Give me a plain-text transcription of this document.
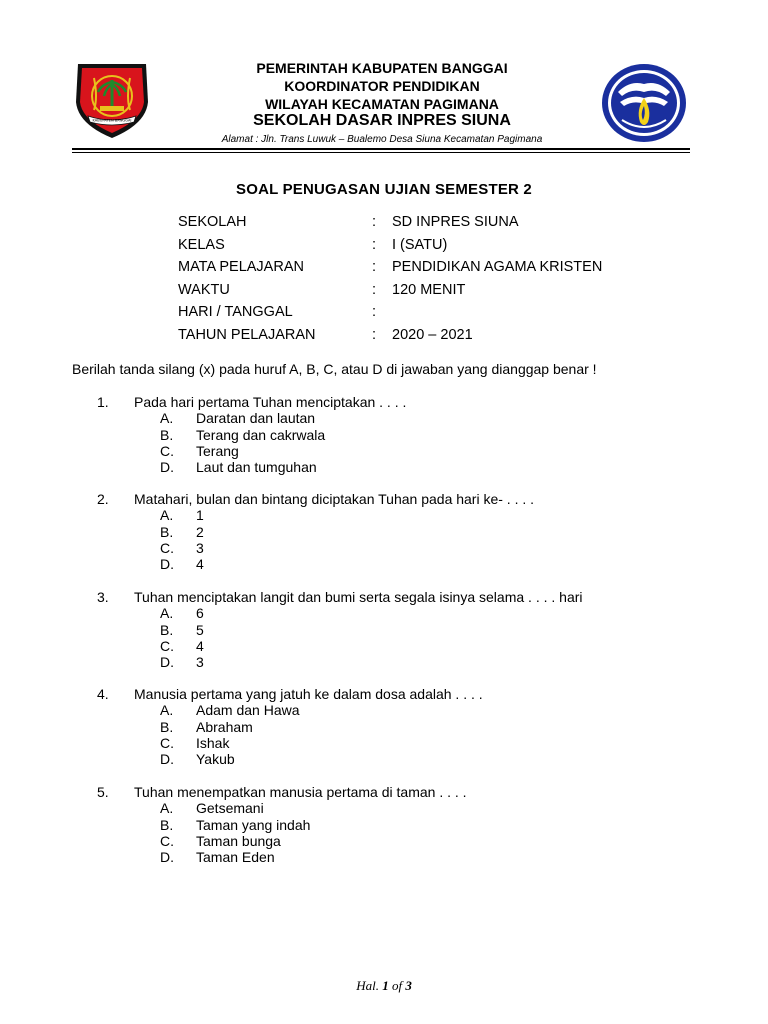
KABUPATEN BANGGAI
PEMERINTAH KABUPATEN BANGGAI
KOORDINATOR PENDIDIKAN
WILAYAH KECAMATAN PAGIMANA
SEKOLAH DASAR INPRES SIUNA
Alamat : Jln. Trans Luwuk – Bualemo Desa Siuna Kecamatan Pagimana
SOAL PENUGASAN UJIAN SEMESTER 2
SEKOLAH	: SD INPRES SIUNA
KELAS	: I (SATU)
MATA PELAJARAN	: PENDIDIKAN AGAMA KRISTEN
WAKTU	: 120 MENIT
HARI / TANGGAL	:
TAHUN PELAJARAN	: 2020 – 2021
Berilah tanda silang (x) pada huruf A, B, C, atau D di jawaban yang dianggap benar !
1. Pada hari pertama Tuhan menciptakan . . . .
A. Daratan dan lautan
B. Terang dan cakrwala
C. Terang
D. Laut dan tumguhan
2. Matahari, bulan dan bintang diciptakan Tuhan pada hari ke- . . . .
A. 1
B. 2
C. 3
D. 4
3. Tuhan menciptakan langit dan bumi serta segala isinya selama . . . . hari
A. 6
B. 5
C. 4
D. 3
4. Manusia pertama yang jatuh ke dalam dosa adalah . . . .
A. Adam dan Hawa
B. Abraham
C. Ishak
D. Yakub
5. Tuhan menempatkan manusia pertama di taman . . . .
A. Getsemani
B. Taman yang indah
C. Taman bunga
D. Taman Eden
Hal. 1 of 3
